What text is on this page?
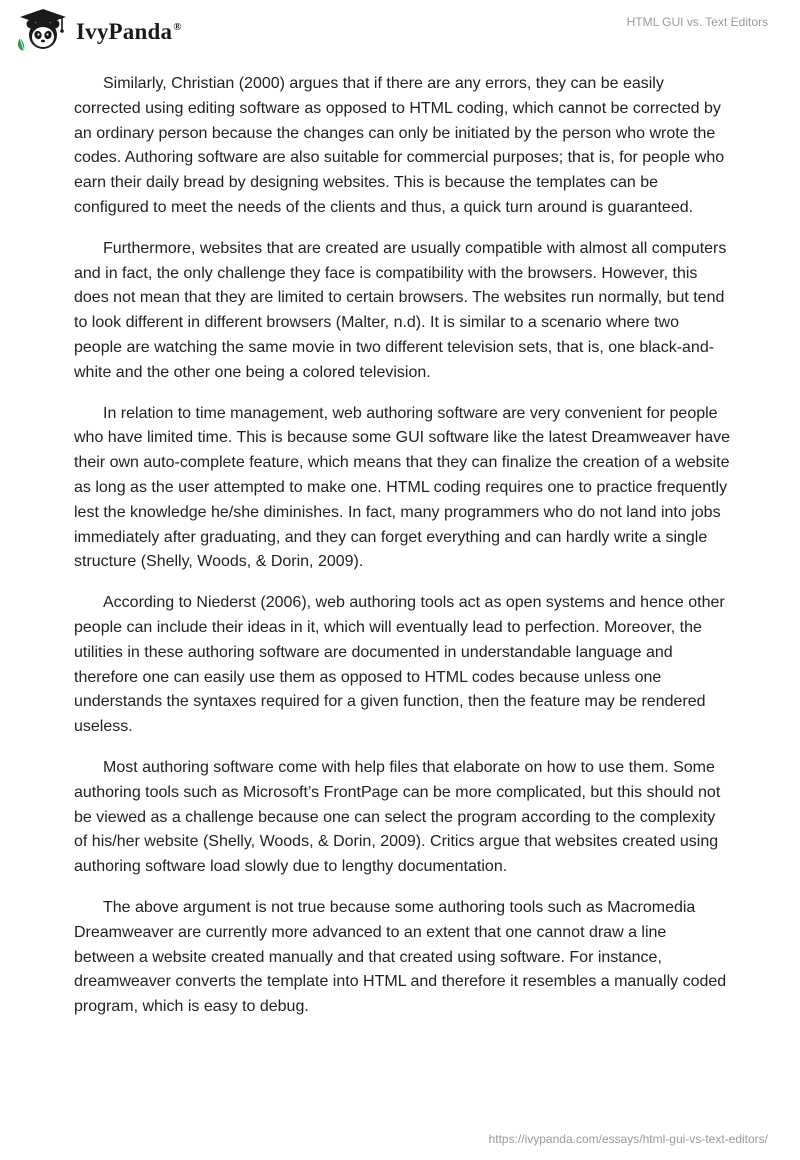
IvyPanda®	HTML GUI vs. Text Editors

Similarly, Christian (2000) argues that if there are any errors, they can be easily corrected using editing software as opposed to HTML coding, which cannot be corrected by an ordinary person because the changes can only be initiated by the person who wrote the codes. Authoring software are also suitable for commercial purposes; that is, for people who earn their daily bread by designing websites. This is because the templates can be configured to meet the needs of the clients and thus, a quick turn around is guaranteed.

Furthermore, websites that are created are usually compatible with almost all computers and in fact, the only challenge they face is compatibility with the browsers. However, this does not mean that they are limited to certain browsers. The websites run normally, but tend to look different in different browsers (Malter, n.d). It is similar to a scenario where two people are watching the same movie in two different television sets, that is, one black-and-white and the other one being a colored television.

In relation to time management, web authoring software are very convenient for people who have limited time. This is because some GUI software like the latest Dreamweaver have their own auto-complete feature, which means that they can finalize the creation of a website as long as the user attempted to make one. HTML coding requires one to practice frequently lest the knowledge he/she diminishes. In fact, many programmers who do not land into jobs immediately after graduating, and they can forget everything and can hardly write a single structure (Shelly, Woods, & Dorin, 2009).

According to Niederst (2006), web authoring tools act as open systems and hence other people can include their ideas in it, which will eventually lead to perfection. Moreover, the utilities in these authoring software are documented in understandable language and therefore one can easily use them as opposed to HTML codes because unless one understands the syntaxes required for a given function, then the feature may be rendered useless.

Most authoring software come with help files that elaborate on how to use them. Some authoring tools such as Microsoft’s FrontPage can be more complicated, but this should not be viewed as a challenge because one can select the program according to the complexity of his/her website (Shelly, Woods, & Dorin, 2009). Critics argue that websites created using authoring software load slowly due to lengthy documentation.

The above argument is not true because some authoring tools such as Macromedia Dreamweaver are currently more advanced to an extent that one cannot draw a line between a website created manually and that created using software. For instance, dreamweaver converts the template into HTML and therefore it resembles a manually coded program, which is easy to debug.

https://ivypanda.com/essays/html-gui-vs-text-editors/
